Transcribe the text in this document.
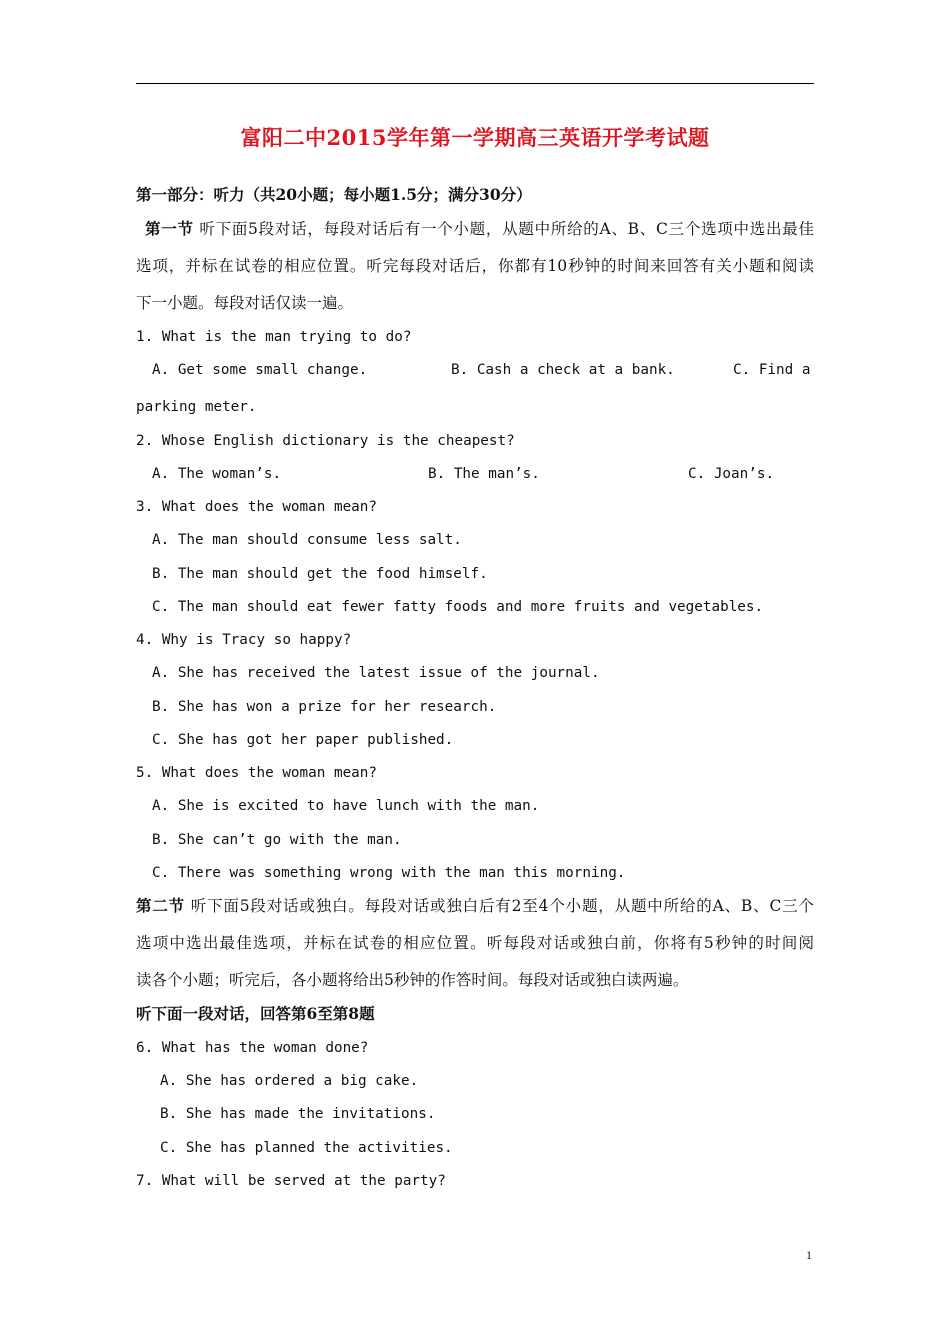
富阳二中2015学年第一学期高三英语开学考试题
第一部分：听力（共20小题；每小题1.5分；满分30分）
第一节 听下面5段对话，每段对话后有一个小题，从题中所给的A、B、C三个选项中选出最佳
选项，并标在试卷的相应位置。听完每段对话后，你都有10秒钟的时间来回答有关小题和阅读
下一小题。每段对话仅读一遍。
1. What is the man trying to do?
A. Get some small change.	B. Cash a check at a bank.	C. Find a
parking meter.
2. Whose English dictionary is the cheapest?
A. The woman’s.	B. The man’s.	C. Joan’s.
3. What does the woman mean?
A. The man should consume less salt.
B. The man should get the food himself.
C. The man should eat fewer fatty foods and more fruits and vegetables.
4. Why is Tracy so happy?
A. She has received the latest issue of the journal.
B. She has won a prize for her research.
C. She has got her paper published.
5. What does the woman mean?
A. She is excited to have lunch with the man.
B. She can’t go with the man.
C. There was something wrong with the man this morning.
第二节 听下面5段对话或独白。每段对话或独白后有2至4个小题，从题中所给的A、B、C三个
选项中选出最佳选项，并标在试卷的相应位置。听每段对话或独白前，你将有5秒钟的时间阅
读各个小题；听完后，各小题将给出5秒钟的作答时间。每段对话或独白读两遍。
听下面一段对话，回答第6至第8题
6. What has the woman done?
A. She has ordered a big cake.
B. She has made the invitations.
C. She has planned the activities.
7. What will be served at the party?
1
